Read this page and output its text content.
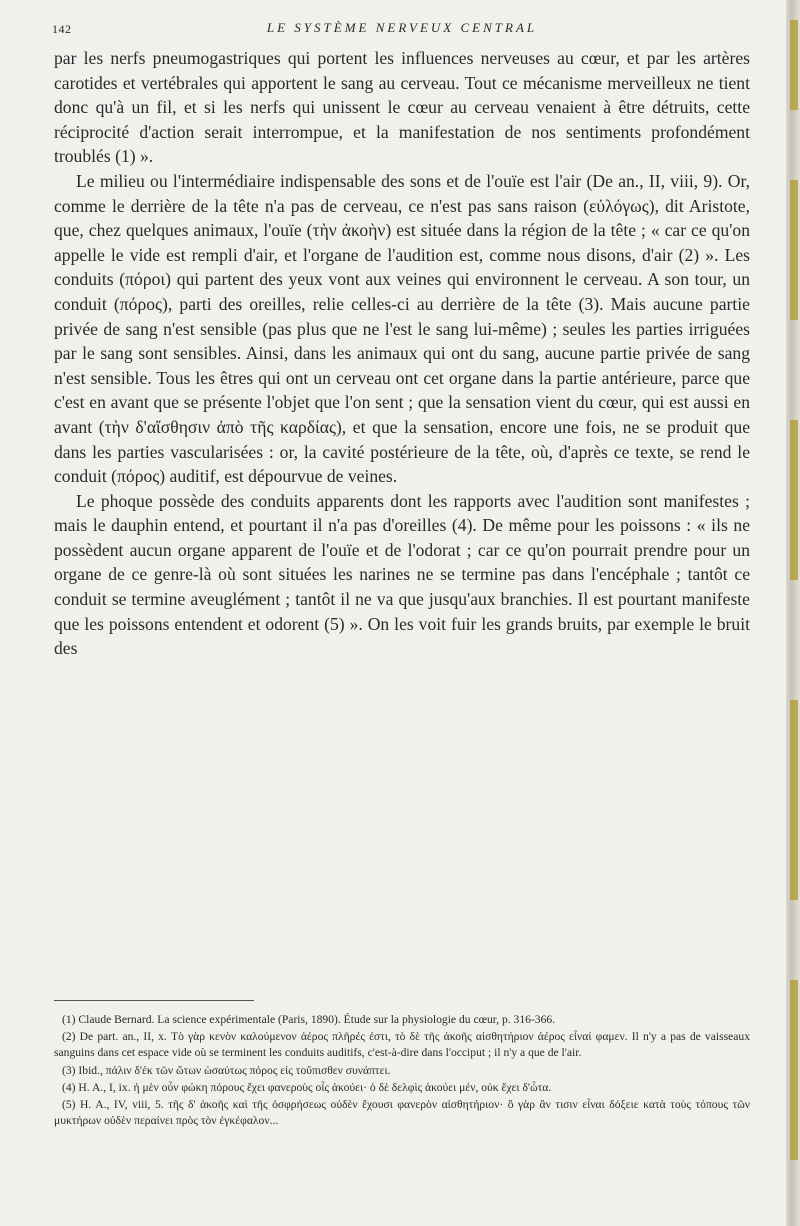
142	LE SYSTÈME NERVEUX CENTRAL

par les nerfs pneumogastriques qui portent les influences nerveuses au cœur, et par les artères carotides et vertébrales qui apportent le sang au cerveau. Tout ce mécanisme merveilleux ne tient donc qu'à un fil, et si les nerfs qui unissent le cœur au cerveau venaient à être détruits, cette réciprocité d'action serait interrompue, et la manifestation de nos sentiments profondément troublés (1) ».

Le milieu ou l'intermédiaire indispensable des sons et de l'ouïe est l'air (De an., II, viii, 9). Or, comme le derrière de la tête n'a pas de cerveau, ce n'est pas sans raison (εὐλόγως), dit Aristote, que, chez quelques animaux, l'ouïe (τὴν ἀκοὴν) est située dans la région de la tête ; « car ce qu'on appelle le vide est rempli d'air, et l'organe de l'audition est, comme nous disons, d'air (2) ». Les conduits (πόροι) qui partent des yeux vont aux veines qui environnent le cerveau. A son tour, un conduit (πόρος), parti des oreilles, relie celles-ci au derrière de la tête (3). Mais aucune partie privée de sang n'est sensible (pas plus que ne l'est le sang lui-même) ; seules les parties irriguées par le sang sont sensibles. Ainsi, dans les animaux qui ont du sang, aucune partie privée de sang n'est sensible. Tous les êtres qui ont un cerveau ont cet organe dans la partie antérieure, parce que c'est en avant que se présente l'objet que l'on sent ; que la sensation vient du cœur, qui est aussi en avant (τὴν δ'αἴσθησιν ἀπὸ τῆς καρδίας), et que la sensation, encore une fois, ne se produit que dans les parties vascularisées : or, la cavité postérieure de la tête, où, d'après ce texte, se rend le conduit (πόρος) auditif, est dépourvue de veines.

Le phoque possède des conduits apparents dont les rapports avec l'audition sont manifestes ; mais le dauphin entend, et pourtant il n'a pas d'oreilles (4). De même pour les poissons : « ils ne possèdent aucun organe apparent de l'ouïe et de l'odorat ; car ce qu'on pourrait prendre pour un organe de ce genre-là où sont situées les narines ne se termine pas dans l'encéphale ; tantôt ce conduit se termine aveuglément ; tantôt il ne va que jusqu'aux branchies. Il est pourtant manifeste que les poissons entendent et odorent (5) ». On les voit fuir les grands bruits, par exemple le bruit des

(1) Claude Bernard. La science expérimentale (Paris, 1890). Étude sur la physiologie du cœur, p. 316-366.

(2) De part. an., II, x. Τὸ γὰρ κενὸν καλούμενον ἀέρος πλῆρές ἐστι, τὸ δὲ τῆς ἀκοῆς αἰσθητήριον ἀέρος εἶναί φαμεν. Il n'y a pas de vaisseaux sanguins dans cet espace vide où se terminent les conduits auditifs, c'est-à-dire dans l'occiput ; il n'y a que de l'air.

(3) Ibid., πάλιν δ'ἐκ τῶν ὤτων ὡσαύτως πόρος εἰς τοὔπισθεν συνάπτει.

(4) H. A., I, ix. ἡ μὲν οὖν φώκη πόρους ἔχει φανεροὺς οἷς ἀκούει· ὁ δὲ δελφὶς ἀκούει μέν, οὐκ ἔχει δ'ὦτα.

(5) H. A., IV, viii, 5. τῆς δ' ἀκοῆς καὶ τῆς ὀσφρήσεως οὐδὲν ἔχουσι φανερὸν αἰσθητήριον· ὃ γὰρ ἂν τισιν εἶναι δόξειε κατὰ τοὺς τόπους τῶν μυκτήρων οὐδὲν περαίνει πρὸς τὸν ἐγκέφαλον...
